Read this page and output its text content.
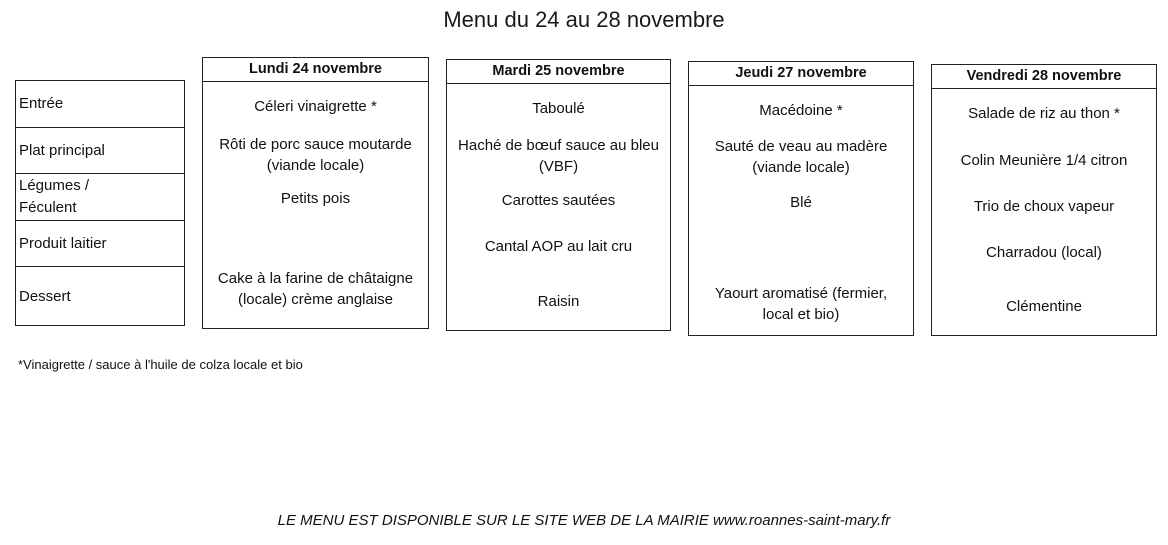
Menu du 24 au 28 novembre
Entrée
Plat principal
Légumes / Féculent
Produit laitier
Dessert
Lundi 24 novembre
Céleri vinaigrette *
Rôti de porc sauce moutarde (viande locale)
Petits pois
Cake à la farine de châtaigne (locale) crème anglaise
Mardi 25 novembre
Taboulé
Haché de bœuf sauce au bleu (VBF)
Carottes sautées
Cantal AOP au lait cru
Raisin
Jeudi 27 novembre
Macédoine *
Sauté de veau au madère (viande locale)
Blé
Yaourt aromatisé (fermier, local et bio)
Vendredi 28 novembre
Salade de riz au thon *
Colin Meunière 1/4 citron
Trio de choux vapeur
Charradou (local)
Clémentine
*Vinaigrette / sauce à l'huile de colza locale et bio
LE MENU EST DISPONIBLE SUR LE SITE WEB DE LA MAIRIE www.roannes-saint-mary.fr
